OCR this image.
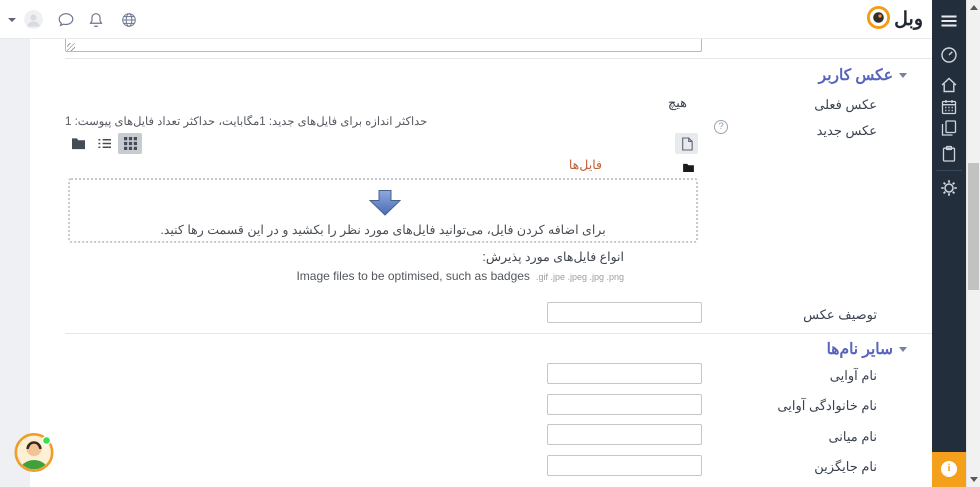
عکس کاربر
عکس فعلی
هیچ
عکس جدید
?
حداکثر اندازه برای فایل‌های جدید: 1مگابایت، حداکثر تعداد فایل‌های پیوست: 1
فایل‌ها
برای اضافه کردن فایل، می‌توانید فایل‌های مورد نظر را بکشید و در این قسمت رها کنید.
انواع فایل‌های مورد پذیرش:
Image files to be optimised, such as badges .gif .jpe .jpeg .jpg .png
توصیف عکس
سایر نام‌ها
نام آوایی
نام خانوادگی آوایی
نام میانی
نام جایگزین
وبل
i
